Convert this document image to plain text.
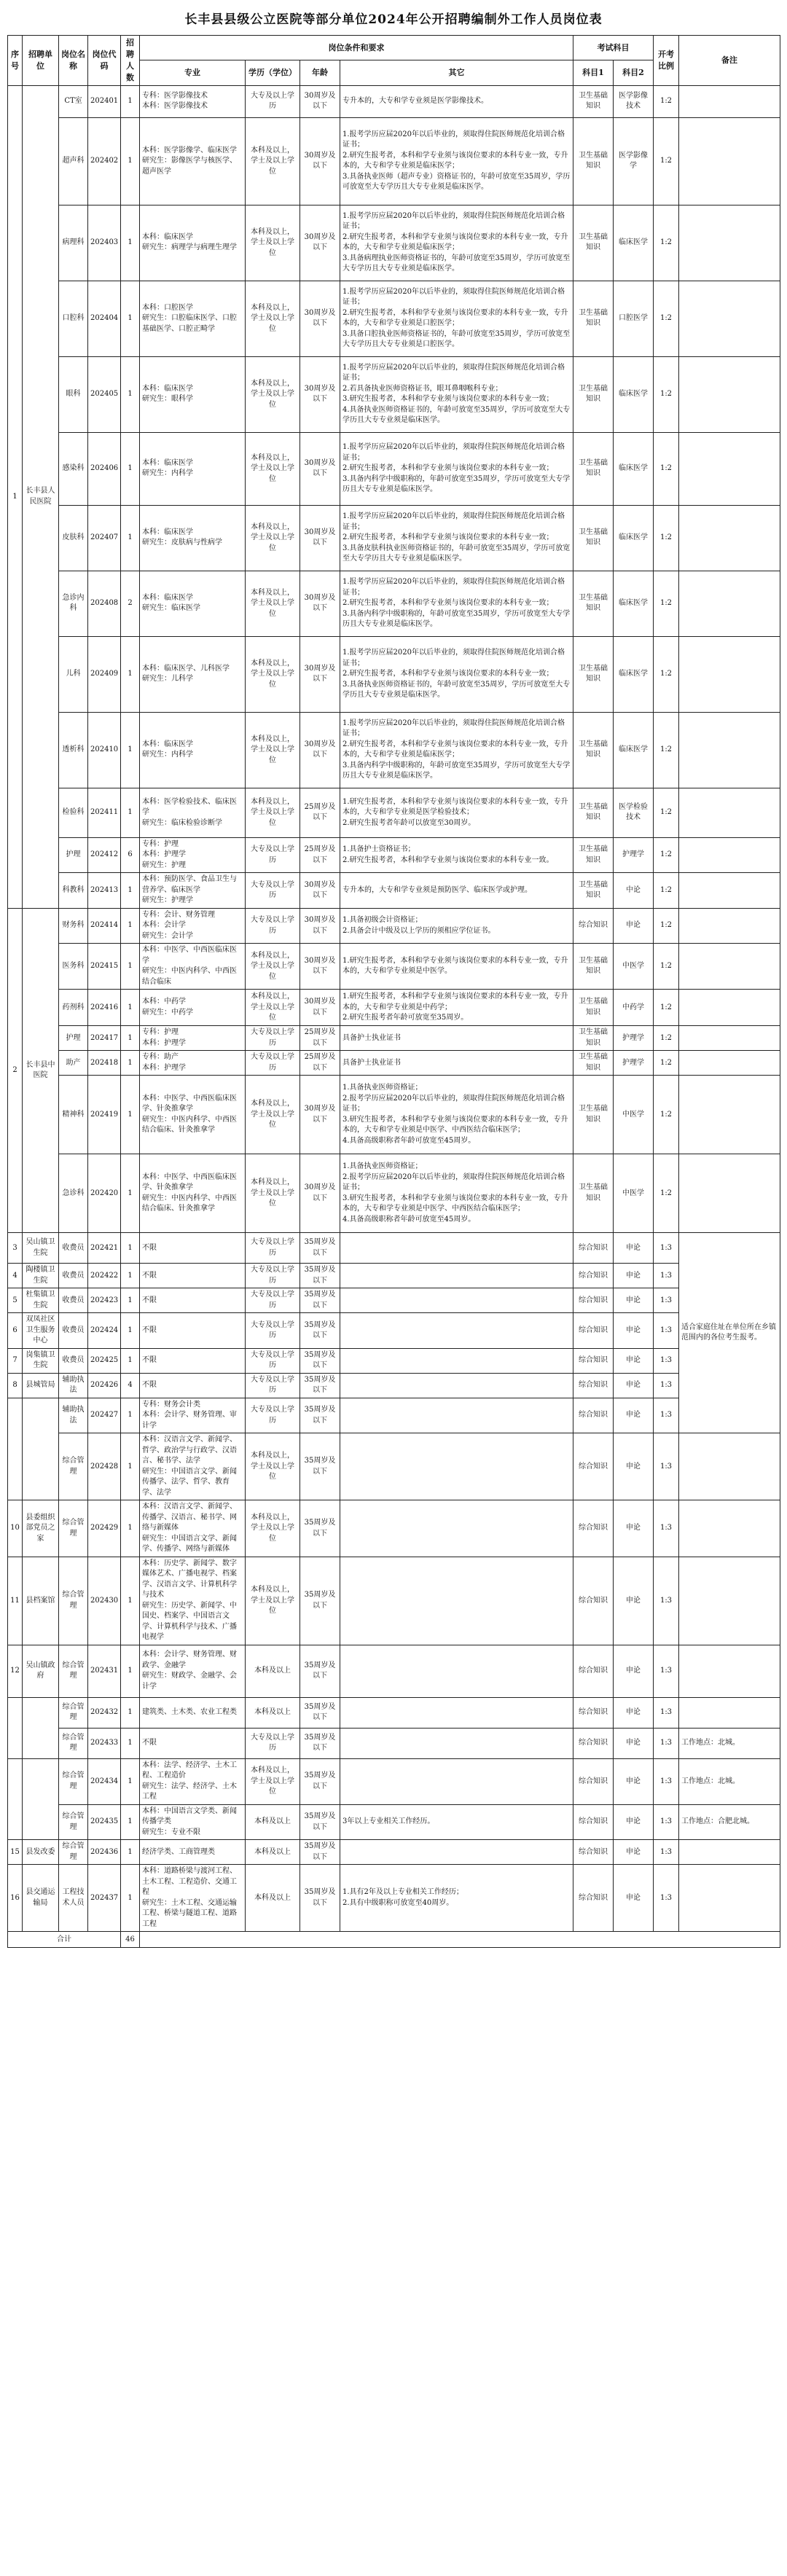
长丰县县级公立医院等部分单位2024年公开招聘编制外工作人员岗位表
序号	招聘单位	岗位名称	岗位代码	招聘人数	岗位条件和要求				考试科目		开考比例	备注
					专业	学历（学位）	年龄	其它	科目1	科目2		
1	长丰县人民医院	CT室	202401	1	专科：医学影像技术
本科：医学影像技术	大专及以上学历	30周岁及以下	专升本的，大专和学专业须是医学影像技术。	卫生基础知识	医学影像技术	1:2	
		超声科	202402	1	本科：医学影像学、临床医学
研究生：影像医学与核医学、超声医学	本科及以上，学士及以上学位	30周岁及以下	1.报考学历应届2020年以后毕业的，须取得住院医师规范化培训合格证书；
2.研究生报考者，本科和学专业须与该岗位要求的本科专业一致，专升本的，大专和学专业须是临床医学；
3.具备执业医师（超声专业）资格证书的，年龄可放宽至35周岁，学历可放宽至大专学历且大专专业须是临床医学。	卫生基础知识	医学影像学	1:2	
		病理科	202403	1	本科：临床医学
研究生：病理学与病理生理学	本科及以上，学士及以上学位	30周岁及以下	1.报考学历应届2020年以后毕业的，须取得住院医师规范化培训合格证书；
2.研究生报考者，本科和学专业须与该岗位要求的本科专业一致，专升本的，大专和学专业须是临床医学；
3.具备病理执业医师资格证书的，年龄可放宽至35周岁，学历可放宽至大专学历且大专专业须是临床医学。	卫生基础知识	临床医学	1:2	
		口腔科	202404	1	本科：口腔医学
研究生：口腔临床医学、口腔基础医学、口腔正畸学	本科及以上，学士及以上学位	30周岁及以下	1.报考学历应届2020年以后毕业的，须取得住院医师规范化培训合格证书；
2.研究生报考者，本科和学专业须与该岗位要求的本科专业一致，专升本的，大专和学专业须是口腔医学；
3.具备口腔执业医师资格证书的，年龄可放宽至35周岁，学历可放宽至大专学历且大专专业须是口腔医学。	卫生基础知识	口腔医学	1:2	
		眼科	202405	1	本科：临床医学
研究生：眼科学	本科及以上，学士及以上学位	30周岁及以下	1.报考学历应届2020年以后毕业的，须取得住院医师规范化培训合格证书；
2.若具备执业医师资格证书，眼耳鼻咽喉科专业；
3.研究生报考者，本科和学专业须与该岗位要求的本科专业一致；
4.具备执业医师资格证书的，年龄可放宽至35周岁，学历可放宽至大专学历且大专专业须是临床医学。	卫生基础知识	临床医学	1:2	
		感染科	202406	1	本科：临床医学
研究生：内科学	本科及以上，学士及以上学位	30周岁及以下	1.报考学历应届2020年以后毕业的，须取得住院医师规范化培训合格证书；
2.研究生报考者，本科和学专业须与该岗位要求的本科专业一致；
3.具备内科学中级职称的，年龄可放宽至35周岁，学历可放宽至大专学历且大专专业须是临床医学。	卫生基础知识	临床医学	1:2	
		皮肤科	202407	1	本科：临床医学
研究生：皮肤病与性病学	本科及以上，学士及以上学位	30周岁及以下	1.报考学历应届2020年以后毕业的，须取得住院医师规范化培训合格证书；
2.研究生报考者，本科和学专业须与该岗位要求的本科专业一致；
3.具备皮肤科执业医师资格证书的，年龄可放宽至35周岁，学历可放宽至大专学历且大专专业须是临床医学。	卫生基础知识	临床医学	1:2	
		急诊内科	202408	2	本科：临床医学
研究生：临床医学	本科及以上，学士及以上学位	30周岁及以下	1.报考学历应届2020年以后毕业的，须取得住院医师规范化培训合格证书；
2.研究生报考者，本科和学专业须与该岗位要求的本科专业一致；
3.具备内科学中级职称的，年龄可放宽至35周岁，学历可放宽至大专学历且大专专业须是临床医学。	卫生基础知识	临床医学	1:2	
		儿科	202409	1	本科：临床医学、儿科医学
研究生：儿科学	本科及以上，学士及以上学位	30周岁及以下	1.报考学历应届2020年以后毕业的，须取得住院医师规范化培训合格证书；
2.研究生报考者，本科和学专业须与该岗位要求的本科专业一致；
3.具备执业医师资格证书的，年龄可放宽至35周岁，学历可放宽至大专学历且大专专业须是临床医学。	卫生基础知识	临床医学	1:2	
		透析科	202410	1	本科：临床医学
研究生：内科学	本科及以上，学士及以上学位	30周岁及以下	1.报考学历应届2020年以后毕业的，须取得住院医师规范化培训合格证书；
2.研究生报考者，本科和学专业须与该岗位要求的本科专业一致，专升本的，大专和学专业须是临床医学；
3.具备内科学中级职称的，年龄可放宽至35周岁，学历可放宽至大专学历且大专专业须是临床医学。	卫生基础知识	临床医学	1:2	
		检验科	202411	1	本科：医学检验技术、临床医学
研究生：临床检验诊断学	本科及以上，学士及以上学位	25周岁及以下	1.研究生报考者，本科和学专业须与该岗位要求的本科专业一致，专升本的，大专和学专业须是医学检验技术；
2.研究生报考者年龄可以放宽至30周岁。	卫生基础知识	医学检验技术	1:2	
		护理	202412	6	专科：护理
本科：护理学
研究生：护理	大专及以上学历	25周岁及以下	1.具备护士资格证书；
2.研究生报考者，本科和学专业须与该岗位要求的本科专业一致。	卫生基础知识	护理学	1:2	
		科教科	202413	1	本科：预防医学、食品卫生与营养学、临床医学
研究生：护理学	大专及以上学历	30周岁及以下	专升本的，大专和学专业须是预防医学、临床医学或护理。	卫生基础知识	中论	1:2	
2	长丰县中医院	财务科	202414	1	专科：会计、财务管理
本科：会计学
研究生：会计学	大专及以上学历	30周岁及以下	1.具备初级会计资格证；
2.具备会计中级及以上学历的须相应学位证书。	综合知识	申论	1:2	
		医务科	202415	1	本科：中医学、中西医临床医学
研究生：中医内科学、中西医结合临床	本科及以上，学士及以上学位	30周岁及以下	1.研究生报考者，本科和学专业须与该岗位要求的本科专业一致，专升本的，大专和学专业须是中医学。	卫生基础知识	中医学	1:2	
		药剂科	202416	1	本科：中药学
研究生：中药学	本科及以上，学士及以上学位	30周岁及以下	1.研究生报考者，本科和学专业须与该岗位要求的本科专业一致，专升本的，大专和学专业须是中药学；
2.研究生报考者年龄可放宽至35周岁。	卫生基础知识	中药学	1:2	
		护理	202417	1	专科：护理
本科：护理学	大专及以上学历	25周岁及以下	具备护士执业证书	卫生基础知识	护理学	1:2	
		助产	202418	1	专科：助产
本科：护理学	大专及以上学历	25周岁及以下	具备护士执业证书	卫生基础知识	护理学	1:2	
		精神科	202419	1	本科：中医学、中西医临床医学、针灸推拿学
研究生：中医内科学、中西医结合临床、针灸推拿学	本科及以上，学士及以上学位	30周岁及以下	1.具备执业医师资格证；
2.报考学历应届2020年以后毕业的，须取得住院医师规范化培训合格证书；
3.研究生报考者，本科和学专业须与该岗位要求的本科专业一致，专升本的，大专和学专业须是中医学、中西医结合临床医学；
4.具备高级职称者年龄可放宽至45周岁。	卫生基础知识	中医学	1:2	
		急诊科	202420	1	本科：中医学、中西医临床医学、针灸推拿学
研究生：中医内科学、中西医结合临床、针灸推拿学	本科及以上，学士及以上学位	30周岁及以下	1.具备执业医师资格证；
2.报考学历应届2020年以后毕业的，须取得住院医师规范化培训合格证书；
3.研究生报考者，本科和学专业须与该岗位要求的本科专业一致，专升本的，大专和学专业须是中医学、中西医结合临床医学；
4.具备高级职称者年龄可放宽至45周岁。	卫生基础知识	中医学	1:2	
3	吴山镇卫生院	收费员	202421	1	不限	大专及以上学历	35周岁及以下		综合知识	申论	1:3	适合家庭住址在单位所在乡镇范围内的各位考生报考。
4	陶楼镇卫生院	收费员	202422	1	不限	大专及以上学历	35周岁及以下		综合知识	申论	1:3	
5	杜集镇卫生院	收费员	202423	1	不限	大专及以上学历	35周岁及以下		综合知识	申论	1:3	
6	双凤社区卫生服务中心	收费员	202424	1	不限	大专及以上学历	35周岁及以下		综合知识	申论	1:3	
7	岗集镇卫生院	收费员	202425	1	不限	大专及以上学历	35周岁及以下		综合知识	申论	1:3	
8	县城管局	辅助执法	202426	4	不限	大专及以上学历	35周岁及以下		综合知识	申论	1:3	
		辅助执法	202427	1	专科：财务会计类
本科：会计学、财务管理、审计学	大专及以上学历	35周岁及以下		综合知识	申论	1:3	
		综合管理	202428	1	本科：汉语言文学、新闻学、哲学、政治学与行政学、汉语言、秘书学、法学
研究生：中国语言文学、新闻传播学、法学、哲学、教育学、法学	本科及以上，学士及以上学位	35周岁及以下		综合知识	申论	1:3	
10	县委组织部党员之家	综合管理	202429	1	本科：汉语言文学、新闻学、传播学、汉语言、秘书学、网络与新媒体
研究生：中国语言文学、新闻学、传播学、网络与新媒体	本科及以上，学士及以上学位	35周岁及以下		综合知识	申论	1:3	
11	县档案馆	综合管理	202430	1	本科：历史学、新闻学、数字媒体艺术、广播电视学、档案学、汉语言文学、计算机科学与技术
研究生：历史学、新闻学、中国史、档案学、中国语言文学、计算机科学与技术、广播电视学	本科及以上，学士及以上学位	35周岁及以下		综合知识	申论	1:3	
12	吴山镇政府	综合管理	202431	1	本科：会计学、财务管理、财政学、金融学
研究生：财政学、金融学、会计学	本科及以上	35周岁及以下		综合知识	申论	1:3	
		综合管理	202432	1	建筑类、土木类、农业工程类	本科及以上	35周岁及以下		综合知识	申论	1:3	
		综合管理	202433	1	不限	大专及以上学历	35周岁及以下		综合知识	申论	1:3	工作地点：北城。
		综合管理	202434	1	本科：法学、经济学、土木工程、工程造价
研究生：法学、经济学、土木工程	本科及以上，学士及以上学位	35周岁及以下		综合知识	申论	1:3	工作地点：北城。
		综合管理	202435	1	本科：中国语言文学类、新闻传播学类
研究生：专业不限	本科及以上	35周岁及以下	3年以上专业相关工作经历。	综合知识	申论	1:3	工作地点：合肥北城。
15	县发改委	综合管理	202436	1	经济学类、工商管理类	本科及以上	35周岁及以下		综合知识	申论	1:3	
16	县交通运输局	工程技术人员	202437	1	本科：道路桥梁与渡河工程、土木工程、工程造价、交通工程
研究生：土木工程、交通运输工程、桥梁与隧道工程、道路工程	本科及以上	35周岁及以下	1.具有2年及以上专业相关工作经历；
2.具有中级职称可放宽至40周岁。	综合知识	申论	1:3	
合计				46								
